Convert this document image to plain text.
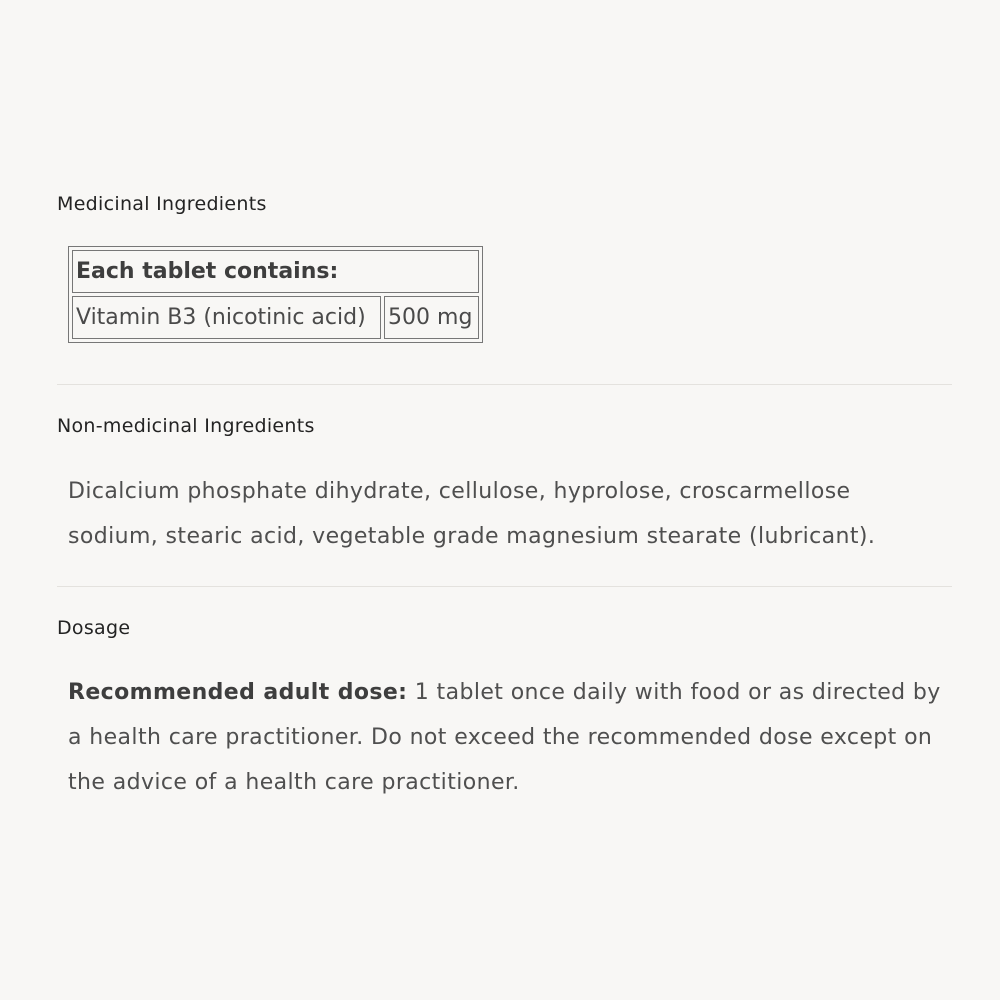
Medicinal Ingredients
Each tablet contains:
Vitamin B3 (nicotinic acid)	500 mg
Non-medicinal Ingredients

Dicalcium phosphate dihydrate, cellulose, hyprolose, croscarmellose sodium, stearic acid, vegetable grade magnesium stearate (lubricant).

Dosage

Recommended adult dose: 1 tablet once daily with food or as directed by a health care practitioner. Do not exceed the recommended dose except on the advice of a health care practitioner.
